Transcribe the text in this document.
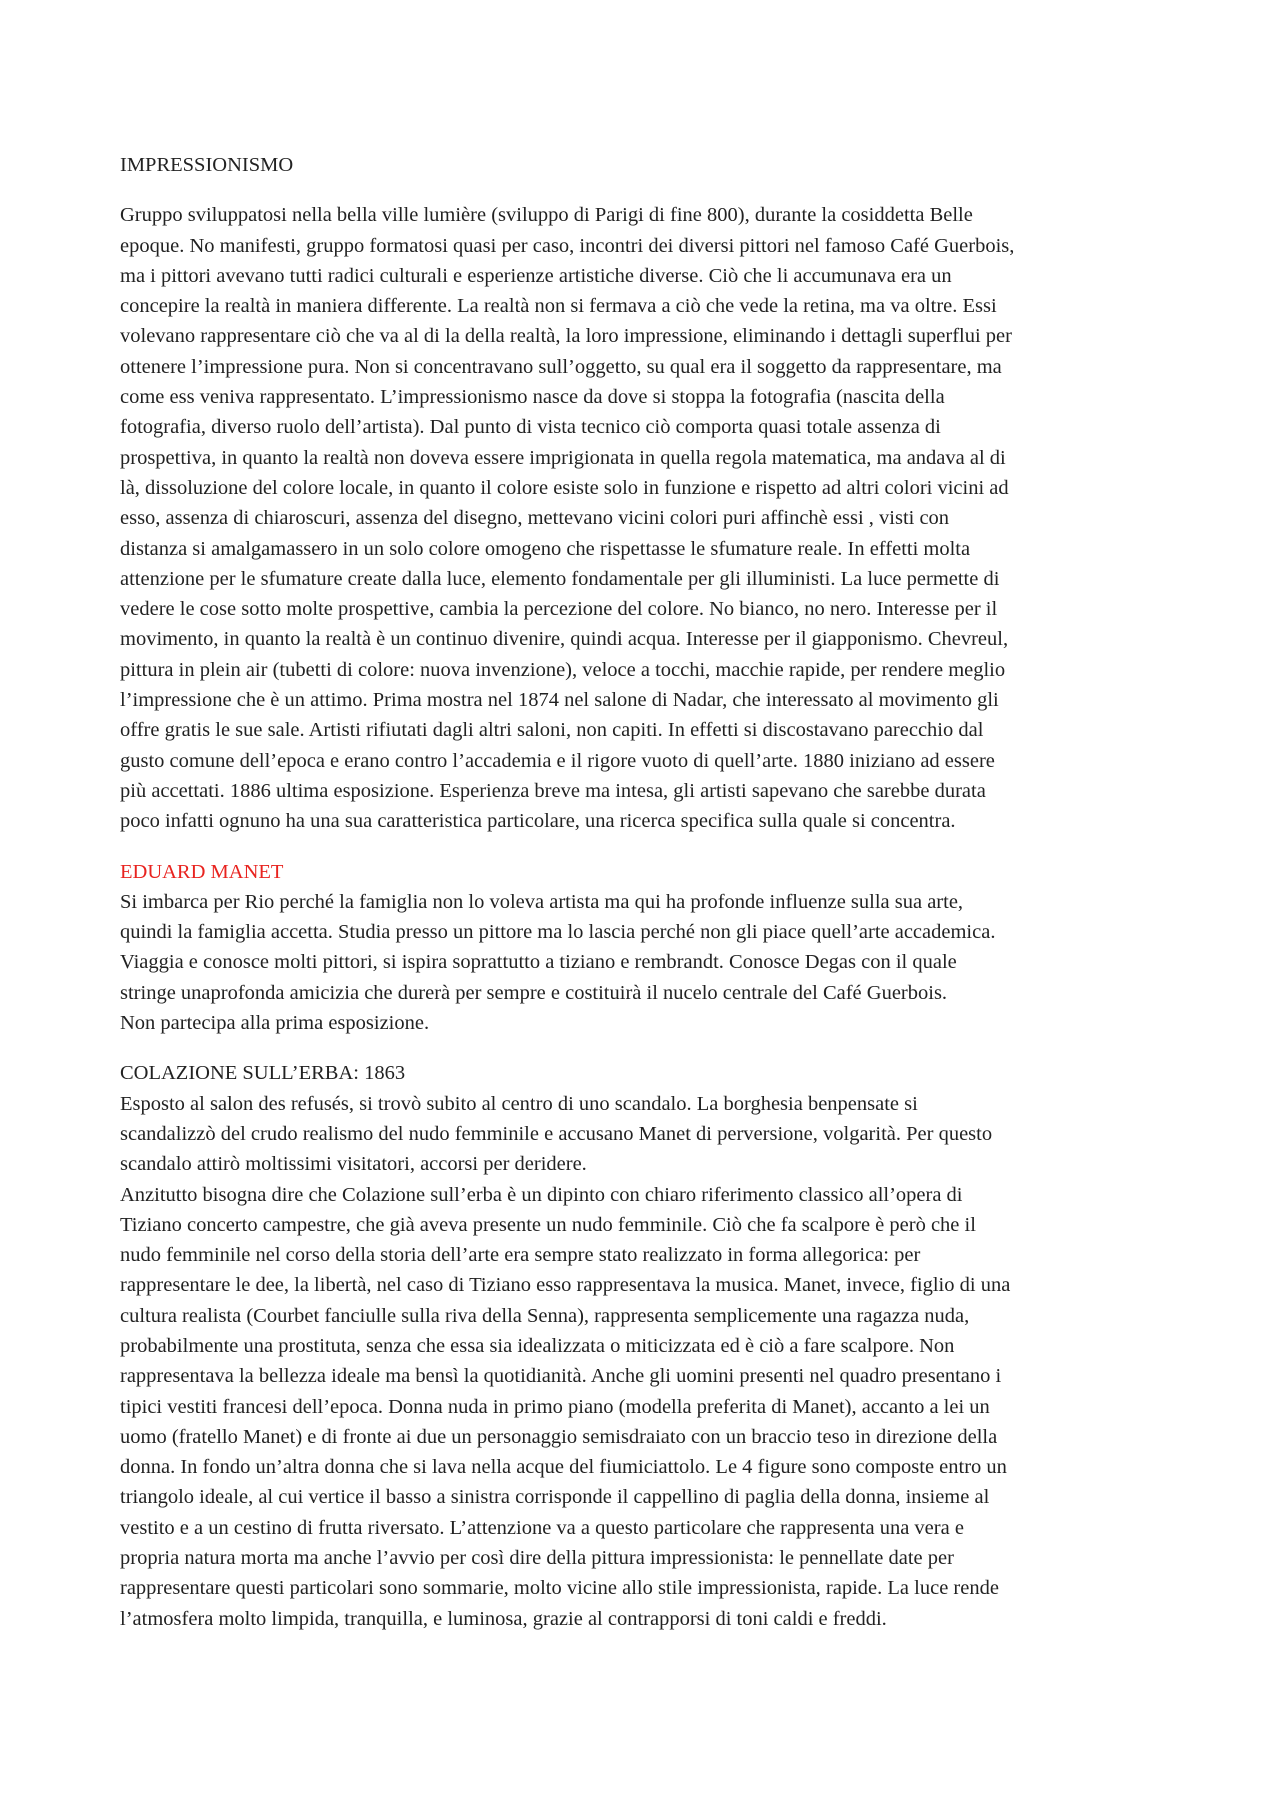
IMPRESSIONISMO

Gruppo sviluppatosi nella bella ville lumière (sviluppo di Parigi di fine 800), durante la cosiddetta Belle
epoque. No manifesti, gruppo formatosi quasi per caso, incontri dei diversi pittori nel famoso Café Guerbois,
ma i pittori avevano tutti radici culturali e esperienze artistiche diverse. Ciò che li accumunava era un
concepire la realtà in maniera differente. La realtà non si fermava a ciò che vede la retina, ma va oltre. Essi
volevano rappresentare ciò che va al di la della realtà, la loro impressione, eliminando i dettagli superflui per
ottenere l’impressione pura. Non si concentravano sull’oggetto, su qual era il soggetto da rappresentare, ma
come ess veniva rappresentato. L’impressionismo nasce da dove si stoppa la fotografia (nascita della
fotografia, diverso ruolo dell’artista). Dal punto di vista tecnico ciò comporta quasi totale assenza di
prospettiva, in quanto la realtà non doveva essere imprigionata in quella regola matematica, ma andava al di
là, dissoluzione del colore locale, in quanto il colore esiste solo in funzione e rispetto ad altri colori vicini ad
esso, assenza di chiaroscuri, assenza del disegno, mettevano vicini colori puri affinchè essi , visti con
distanza si amalgamassero in un solo colore omogeno che rispettasse le sfumature reale. In effetti molta
attenzione per le sfumature create dalla luce, elemento fondamentale per gli illuministi. La luce permette di
vedere le cose sotto molte prospettive, cambia la percezione del colore. No bianco, no nero. Interesse per il
movimento, in quanto la realtà è un continuo divenire, quindi acqua. Interesse per il giapponismo. Chevreul,
pittura in plein air (tubetti di colore: nuova invenzione), veloce a tocchi, macchie rapide, per rendere meglio
l’impressione che è un attimo. Prima mostra nel 1874 nel salone di Nadar, che interessato al movimento gli
offre gratis le sue sale. Artisti rifiutati dagli altri saloni, non capiti. In effetti si discostavano parecchio dal
gusto comune dell’epoca e erano contro l’accademia e il rigore vuoto di quell’arte. 1880 iniziano ad essere
più accettati. 1886 ultima esposizione. Esperienza breve ma intesa, gli artisti sapevano che sarebbe durata
poco infatti ognuno ha una sua caratteristica particolare, una ricerca specifica sulla quale si concentra.

EDUARD MANET

Si imbarca per Rio perché la famiglia non lo voleva artista ma qui ha profonde influenze sulla sua arte,
quindi la famiglia accetta. Studia presso un pittore ma lo lascia perché non gli piace quell’arte accademica.
Viaggia e conosce molti pittori, si ispira soprattutto a tiziano e rembrandt. Conosce Degas con il quale
stringe unaprofonda amicizia che durerà per sempre e costituirà il nucelo centrale del Café Guerbois.
Non partecipa alla prima esposizione.

COLAZIONE SULL’ERBA: 1863

Esposto al salon des refusés, si trovò subito al centro di uno scandalo. La borghesia benpensate si
scandalizzò del crudo realismo del nudo femminile e accusano Manet di perversione, volgarità. Per questo
scandalo attirò moltissimi visitatori, accorsi per deridere.
Anzitutto bisogna dire che Colazione sull’erba è un dipinto con chiaro riferimento classico all’opera di
Tiziano concerto campestre, che già aveva presente un nudo femminile. Ciò che fa scalpore è però che il
nudo femminile nel corso della storia dell’arte era sempre stato realizzato in forma allegorica: per
rappresentare le dee, la libertà, nel caso di Tiziano esso rappresentava la musica. Manet, invece, figlio di una
cultura realista (Courbet fanciulle sulla riva della Senna), rappresenta semplicemente una ragazza nuda,
probabilmente una prostituta, senza che essa sia idealizzata o miticizzata ed è ciò a fare scalpore. Non
rappresentava la bellezza ideale ma bensì la quotidianità. Anche gli uomini presenti nel quadro presentano i
tipici vestiti francesi dell’epoca. Donna nuda in primo piano (modella preferita di Manet), accanto a lei un
uomo (fratello Manet) e di fronte ai due un personaggio semisdraiato con un braccio teso in direzione della
donna. In fondo un’altra donna che si lava nella acque del fiumiciattolo. Le 4 figure sono composte entro un
triangolo ideale, al cui vertice il basso a sinistra corrisponde il cappellino di paglia della donna, insieme al
vestito e a un cestino di frutta riversato. L’attenzione va a questo particolare che rappresenta una vera e
propria natura morta ma anche l’avvio per così dire della pittura impressionista: le pennellate date per
rappresentare questi particolari sono sommarie, molto vicine allo stile impressionista, rapide. La luce rende
l’atmosfera molto limpida, tranquilla, e luminosa, grazie al contrapporsi di toni caldi e freddi.
